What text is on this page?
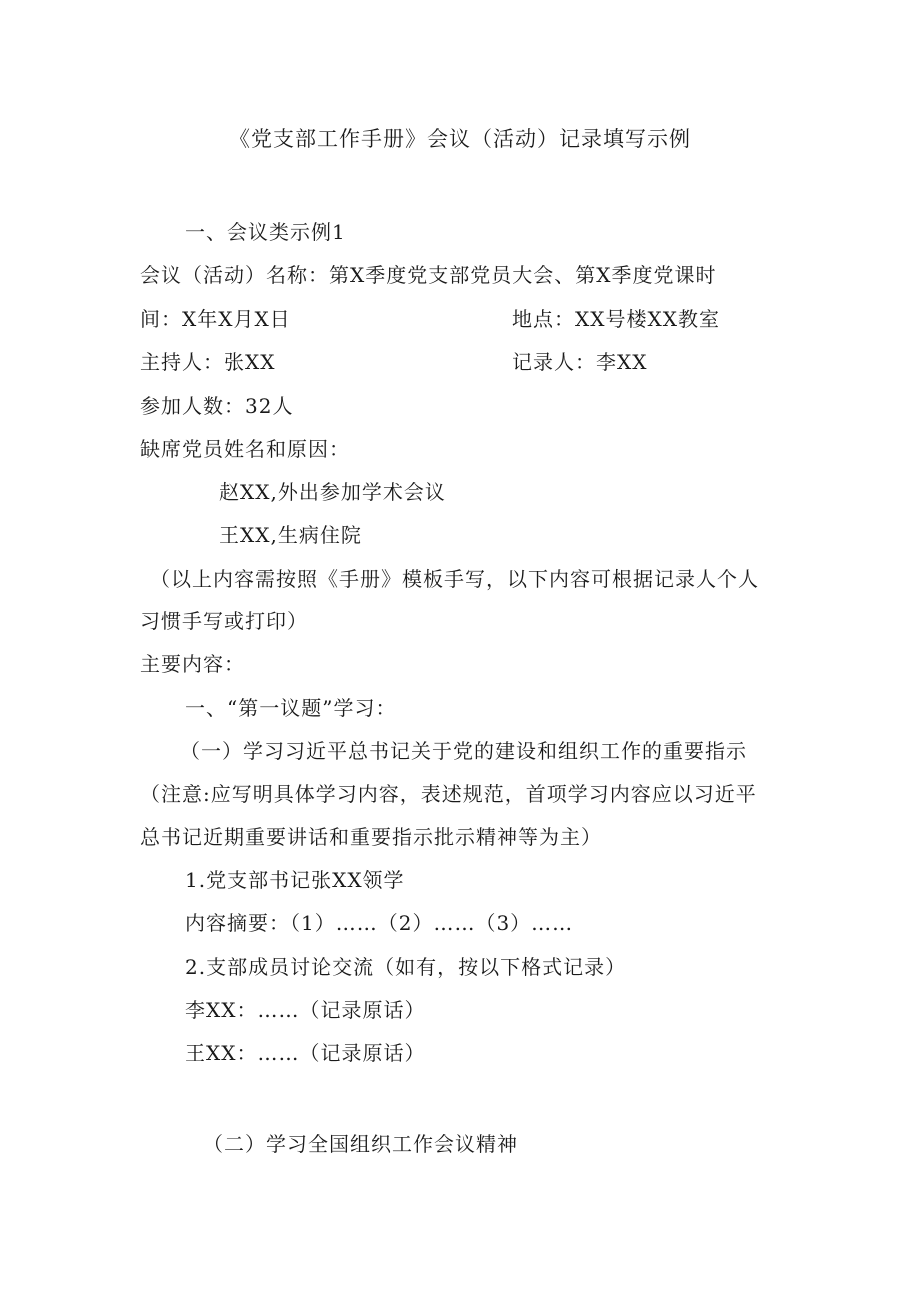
《党支部工作手册》会议（活动）记录填写示例
一、会议类示例1
会议（活动）名称：第X季度党支部党员大会、第X季度党课时
间：X年X月X日	地点：XX号楼XX教室
主持人：张XX	记录人：李XX
参加人数：32人
缺席党员姓名和原因：
赵XX,外出参加学术会议
王XX,生病住院
（以上内容需按照《手册》模板手写，以下内容可根据记录人个人
习惯手写或打印）
主要内容：
一、“第一议题”学习：
（一）学习习近平总书记关于党的建设和组织工作的重要指示
（注意:应写明具体学习内容，表述规范，首项学习内容应以习近平
总书记近期重要讲话和重要指示批示精神等为主）
1.党支部书记张XX领学
内容摘要：（1）……（2）……（3）……
2.支部成员讨论交流（如有，按以下格式记录）
李XX：……（记录原话）
王XX：……（记录原话）
（二）学习全国组织工作会议精神
